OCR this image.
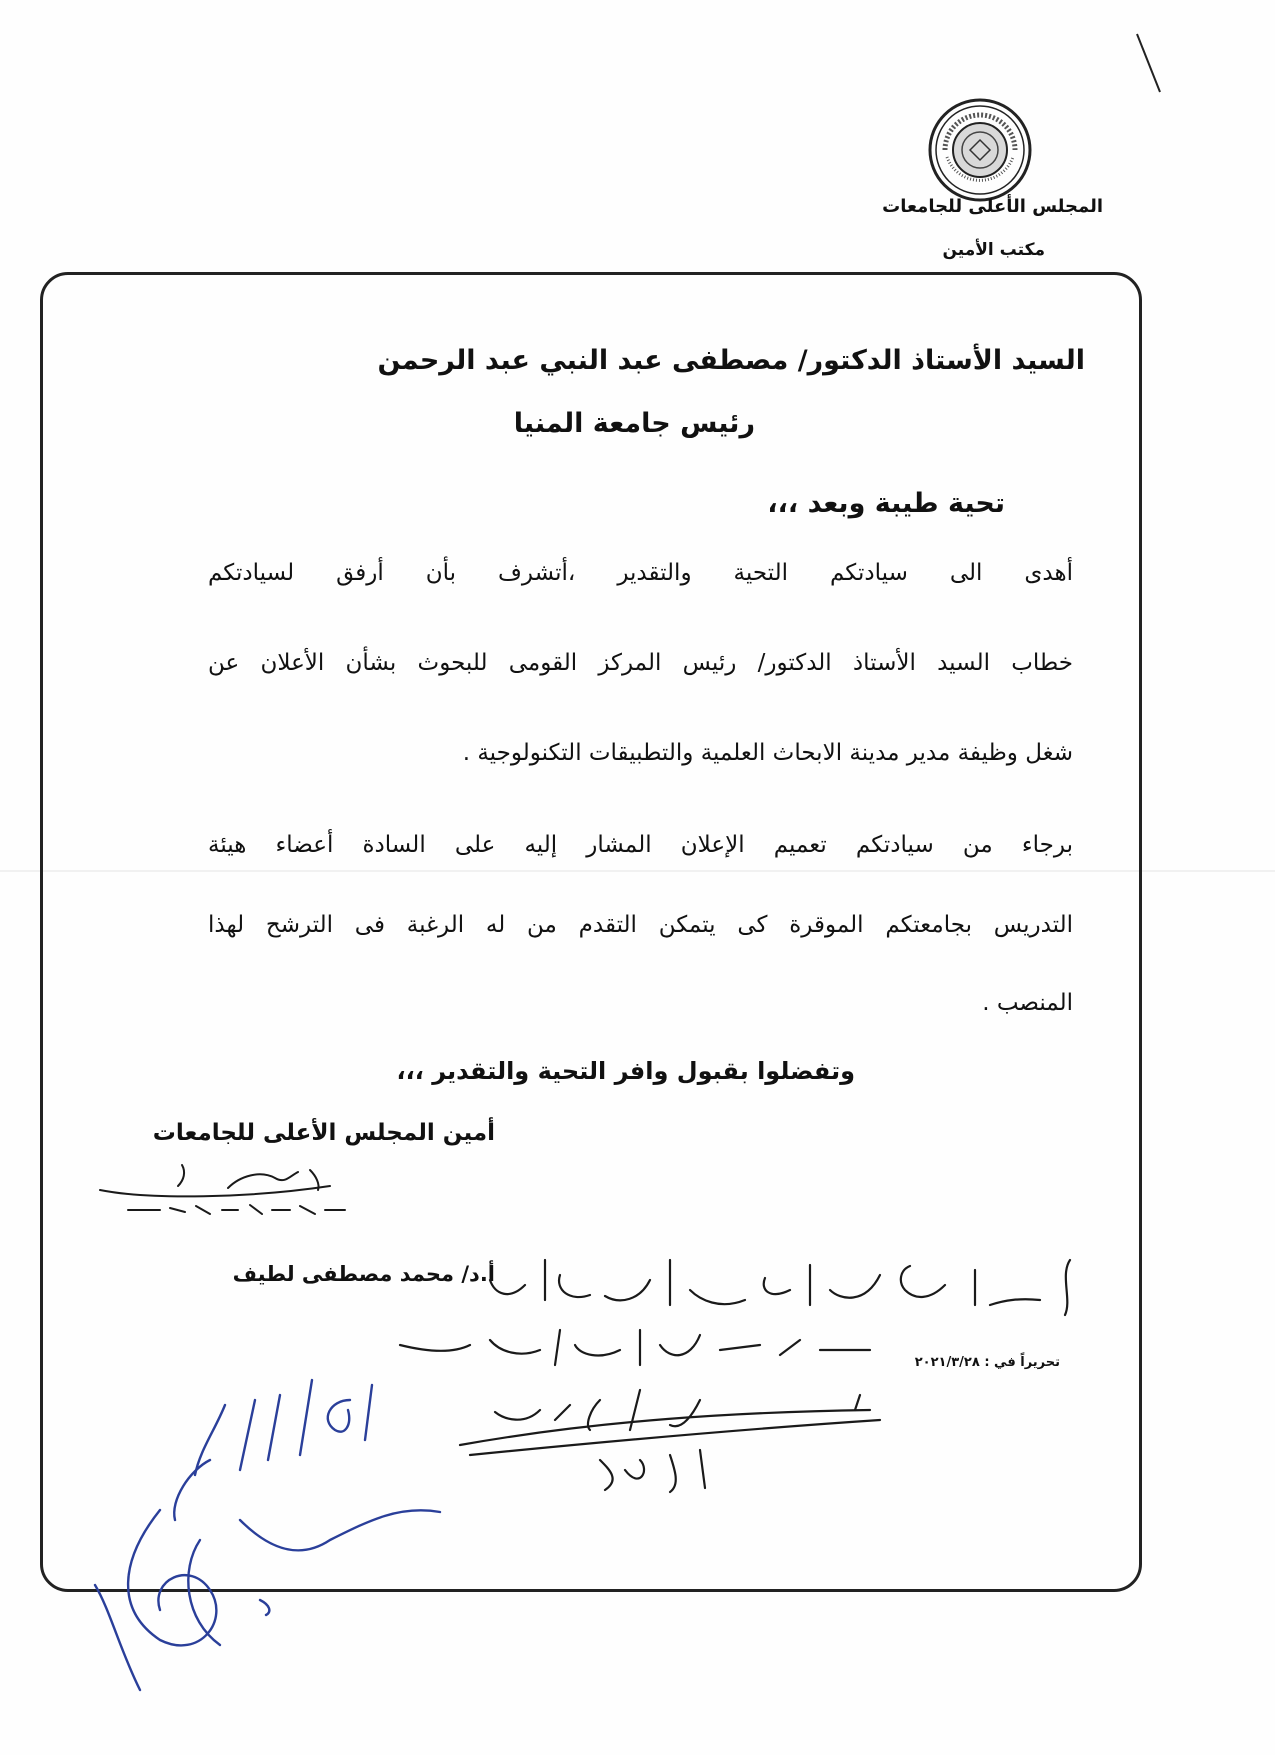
المجلس الأعلى للجامعات
مكتب الأمين
السيد الأستاذ الدكتور/ مصطفى عبد النبي عبد الرحمن
رئيس جامعة المنيا
تحية طيبة وبعد ،،،
أهدى الى سيادتكم التحية والتقدير ،أتشرف بأن أرفق لسيادتكم
خطاب السيد الأستاذ الدكتور/ رئيس المركز القومى للبحوث بشأن الأعلان عن
شغل وظيفة مدير مدينة الابحاث العلمية والتطبيقات التكنولوجية .
برجاء من سيادتكم تعميم الإعلان المشار إليه على السادة أعضاء هيئة
التدريس بجامعتكم الموقرة كى يتمكن التقدم من له الرغبة فى الترشح لهذا
المنصب .
وتفضلوا بقبول وافر التحية والتقدير ،،،
أمين المجلس الأعلى للجامعات
أ.د/ محمد مصطفى لطيف
تحريراً في : ٢٠٢١/٣/٢٨
